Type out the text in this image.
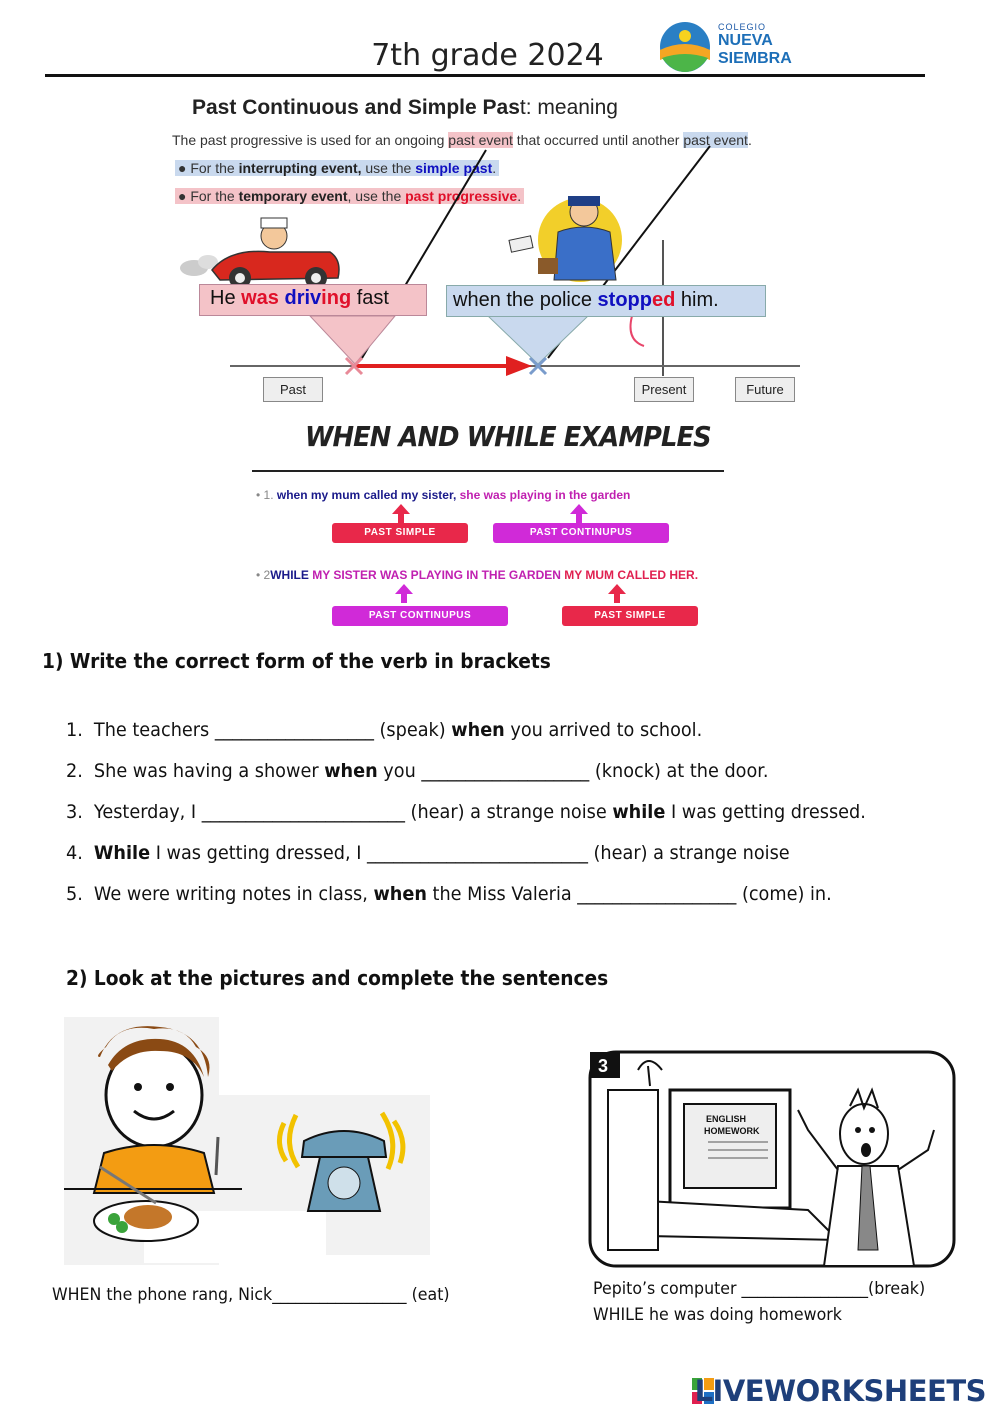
7th grade 2024
COLEGIO
NUEVA
SIEMBRA
Past Continuous and Simple Past: meaning
The past progressive is used for an ongoing past event that occurred until another past event.
● For the interrupting event, use the simple past.
● For the temporary event, use the past progressive.
He was driving fast	when the police stopped him.
Past	Present	Future
WHEN AND WHILE EXAMPLES
• 1. when my mum called my sister, she was playing in the garden
PAST SIMPLE	PAST CONTINUPUS
• 2WHILE MY SISTER WAS PLAYING IN THE GARDEN MY MUM CALLED HER.
PAST CONTINUPUS	PAST SIMPLE
1) Write the correct form of the verb in brackets
1. The teachers __________________ (speak) when you arrived to school.
2. She was having a shower when you ___________________ (knock) at the door.
3. Yesterday, I _______________________ (hear) a strange noise while I was getting dressed.
4. While I was getting dressed, I _________________________ (hear) a strange noise
5. We were writing notes in class, when the Miss Valeria __________________ (come) in.
2) Look at the pictures and complete the sentences
WHEN the phone rang, Nick_________________ (eat)
3
ENGLISH
HOMEWORK
Pepito’s computer ________________(break)
WHILE he was doing homework
LIVEWORKSHEETS
